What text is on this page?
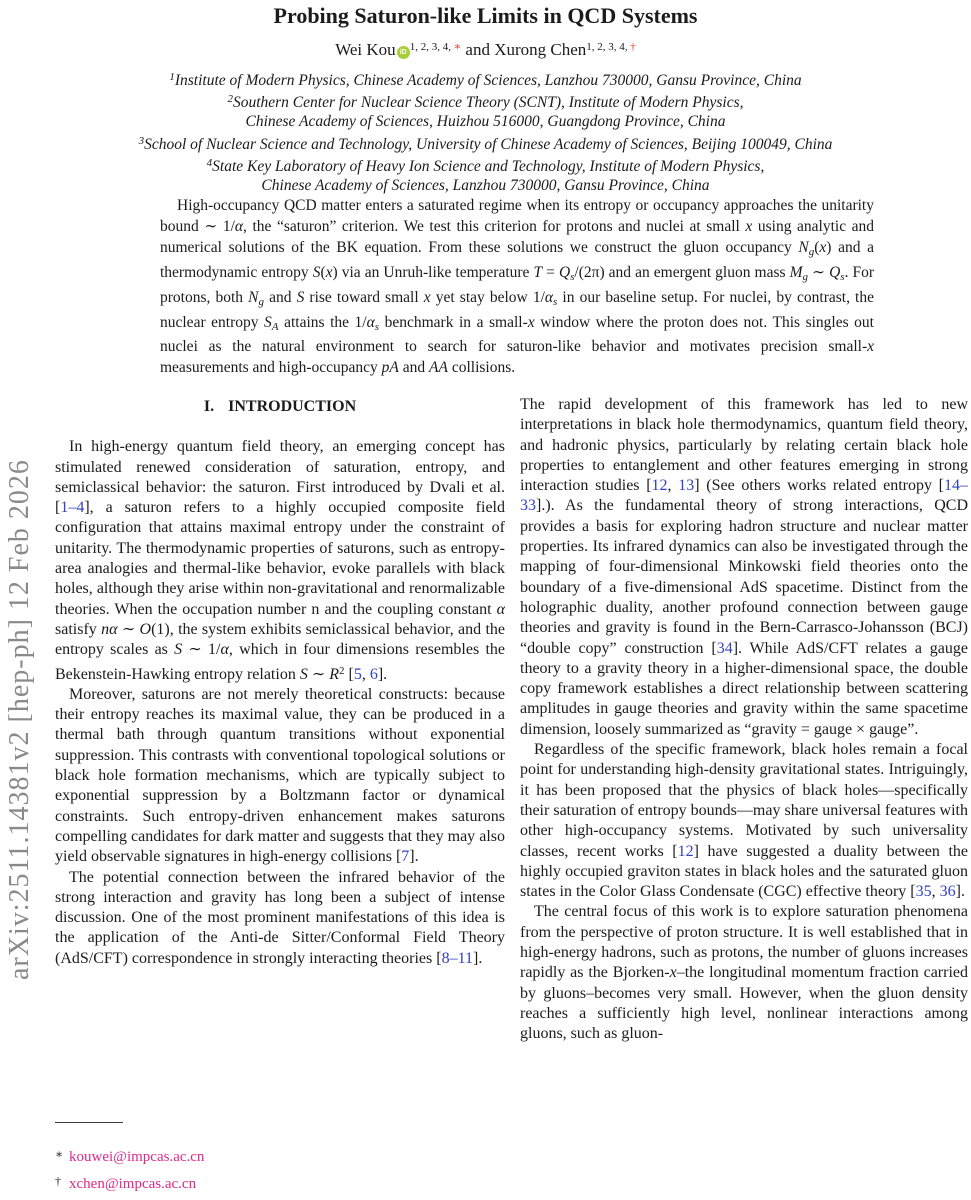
arXiv:2511.14381v2 [hep-ph] 12 Feb 2026
Probing Saturon-like Limits in QCD Systems
Wei Kou iD $^{1, 2, 3, 4,}$ ∗ and Xurong Chen$^{1, 2, 3, 4,}$ †
$^1$Institute of Modern Physics, Chinese Academy of Sciences, Lanzhou 730000, Gansu Province, China
$^2$Southern Center for Nuclear Science Theory (SCNT), Institute of Modern Physics,
Chinese Academy of Sciences, Huizhou 516000, Guangdong Province, China
$^3$School of Nuclear Science and Technology, University of Chinese Academy of Sciences, Beijing 100049, China
$^4$State Key Laboratory of Heavy Ion Science and Technology, Institute of Modern Physics,
Chinese Academy of Sciences, Lanzhou 730000, Gansu Province, China
High-occupancy QCD matter enters a saturated regime when its entropy or occupancy approaches the unitarity bound ∼ 1/α, the “saturon” criterion. We test this criterion for protons and nuclei at small x using analytic and numerical solutions of the BK equation. From these solutions we construct the gluon occupancy Ng(x) and a thermodynamic entropy S(x) via an Unruh-like temperature T = Qs/(2π) and an emergent gluon mass Mg ∼ Qs. For protons, both Ng and S rise toward small x yet stay below 1/αs in our baseline setup. For nuclei, by contrast, the nuclear entropy SA attains the 1/αs benchmark in a small-x window where the proton does not. This singles out nuclei as the natural environment to search for saturon-like behavior and motivates precision small-x measurements and high-occupancy pA and AA collisions.
I. INTRODUCTION
In high-energy quantum field theory, an emerging concept has stimulated renewed consideration of saturation, entropy, and semiclassical behavior: the saturon. First introduced by Dvali et al. [1–4], a saturon refers to a highly occupied composite field configuration that attains maximal entropy under the constraint of unitarity. The thermodynamic properties of saturons, such as entropy-area analogies and thermal-like behavior, evoke parallels with black holes, although they arise within non-gravitational and renormalizable theories. When the occupation number n and the coupling constant α satisfy nα ∼ O(1), the system exhibits semiclassical behavior, and the entropy scales as S ∼ 1/α, which in four dimensions resembles the Bekenstein-Hawking entropy relation S ∼ $R^2$ [5, 6].
Moreover, saturons are not merely theoretical constructs: because their entropy reaches its maximal value, they can be produced in a thermal bath through quantum transitions without exponential suppression. This contrasts with conventional topological solutions or black hole formation mechanisms, which are typically subject to exponential suppression by a Boltzmann factor or dynamical constraints. Such entropy-driven enhancement makes saturons compelling candidates for dark matter and suggests that they may also yield observable signatures in high-energy collisions [7].
The potential connection between the infrared behavior of the strong interaction and gravity has long been a subject of intense discussion. One of the most prominent manifestations of this idea is the application of the Anti-de Sitter/Conformal Field Theory (AdS/CFT) correspondence in strongly interacting theories [8–11].
The rapid development of this framework has led to new interpretations in black hole thermodynamics, quantum field theory, and hadronic physics, particularly by relating certain black hole properties to entanglement and other features emerging in strong interaction studies [12, 13] (See others works related entropy [14–33].). As the fundamental theory of strong interactions, QCD provides a basis for exploring hadron structure and nuclear matter properties. Its infrared dynamics can also be investigated through the mapping of four-dimensional Minkowski field theories onto the boundary of a five-dimensional AdS spacetime. Distinct from the holographic duality, another profound connection between gauge theories and gravity is found in the Bern-Carrasco-Johansson (BCJ) “double copy” construction [34]. While AdS/CFT relates a gauge theory to a gravity theory in a higher-dimensional space, the double copy framework establishes a direct relationship between scattering amplitudes in gauge theories and gravity within the same spacetime dimension, loosely summarized as “gravity = gauge × gauge”.
Regardless of the specific framework, black holes remain a focal point for understanding high-density gravitational states. Intriguingly, it has been proposed that the physics of black holes—specifically their saturation of entropy bounds—may share universal features with other high-occupancy systems. Motivated by such universality classes, recent works [12] have suggested a duality between the highly occupied graviton states in black holes and the saturated gluon states in the Color Glass Condensate (CGC) effective theory [35, 36].
The central focus of this work is to explore saturation phenomena from the perspective of proton structure. It is well established that in high-energy hadrons, such as protons, the number of gluons increases rapidly as the Bjorken-x–the longitudinal momentum fraction carried by gluons–becomes very small. However, when the gluon density reaches a sufficiently high level, nonlinear interactions among gluons, such as gluon-
∗ kouwei@impcas.ac.cn
† xchen@impcas.ac.cn
